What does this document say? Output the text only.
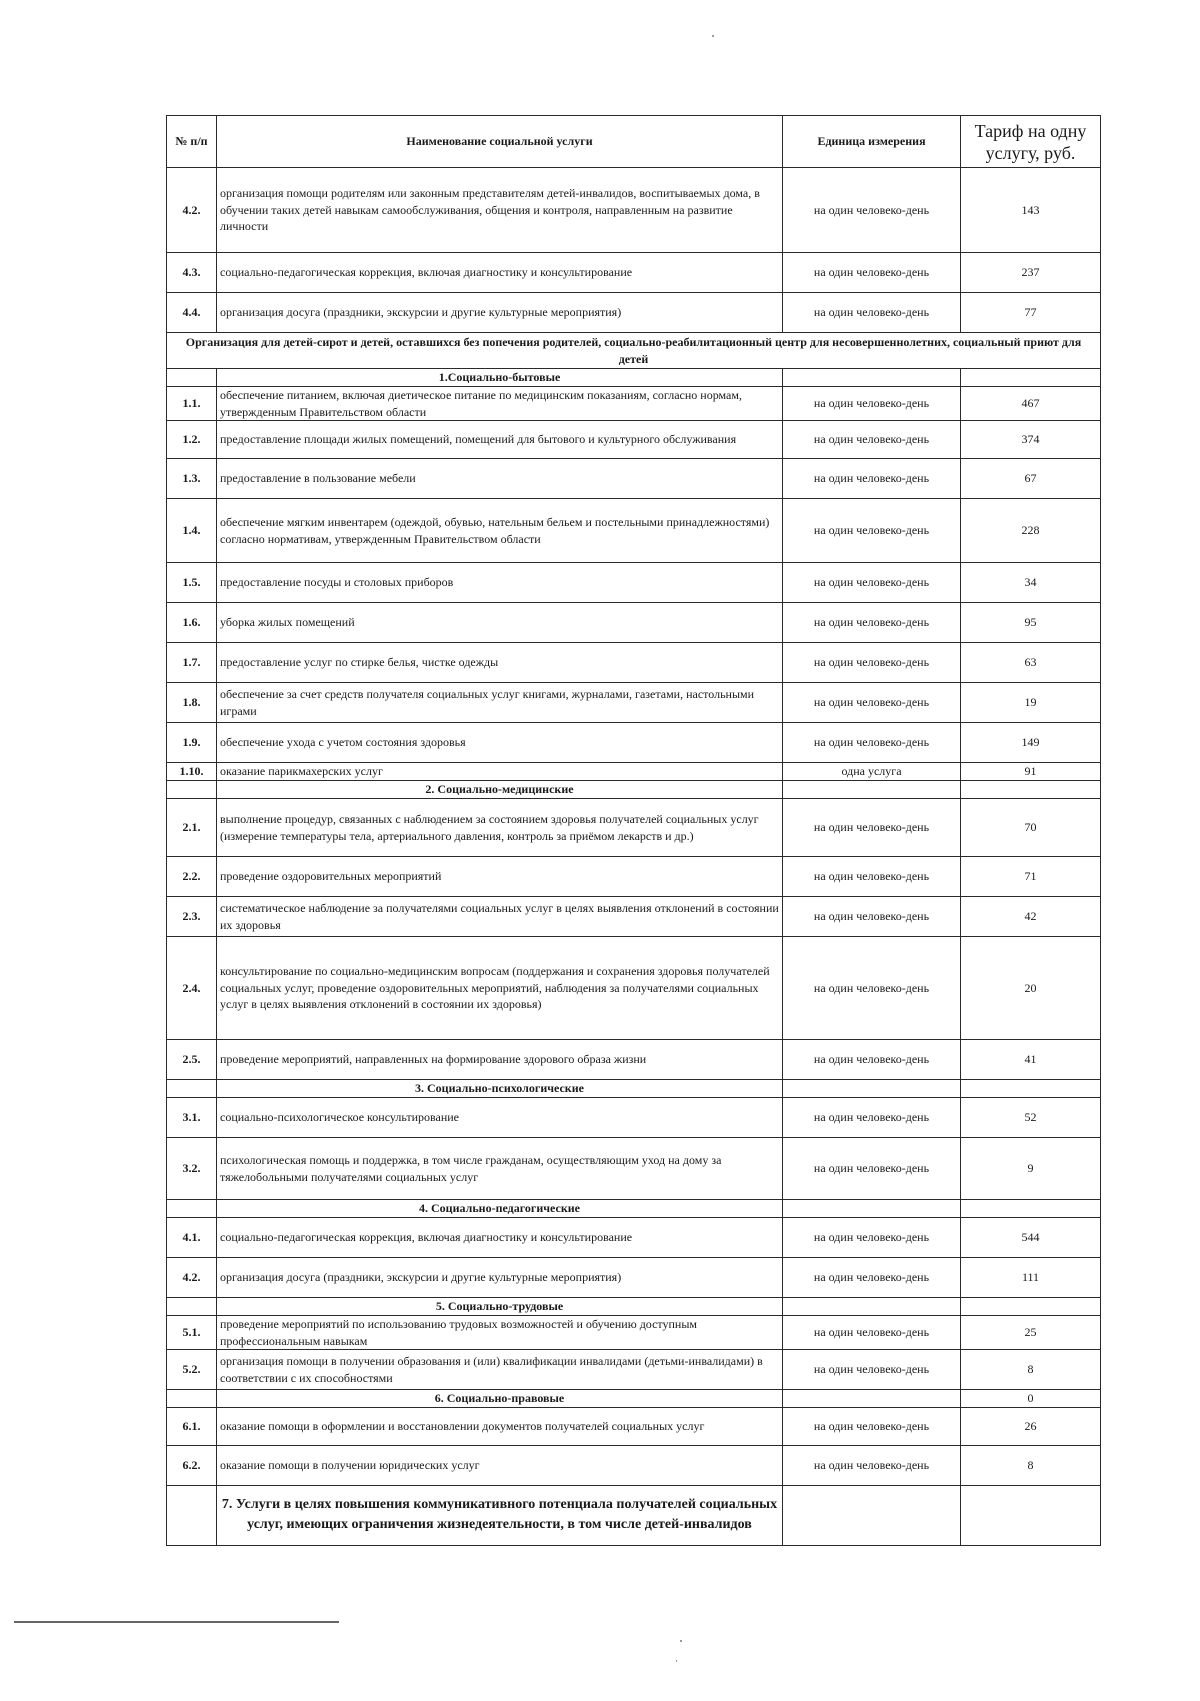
№ п/п	Наименование социальной услуги	Единица измерения	Тариф на одну услугу, руб.
4.2.	организация помощи родителям или законным представителям детей-инвалидов, воспитываемых дома, в обучении таких детей навыкам самообслуживания, общения и контроля, направленным на развитие личности	на один человеко-день	143
4.3.	социально-педагогическая коррекция, включая диагностику и консультирование	на один человеко-день	237
4.4.	организация досуга (праздники, экскурсии и другие культурные мероприятия)	на один человеко-день	77
Организация для детей-сирот и детей, оставшихся без попечения родителей, социально-реабилитационный центр для несовершеннолетних, социальный приют для детей			
	1.Социально-бытовые		
1.1.	обеспечение питанием, включая диетическое питание по медицинским показаниям, согласно нормам, утвержденным Правительством области	на один человеко-день	467
1.2.	предоставление площади жилых помещений, помещений для бытового и культурного обслуживания	на один человеко-день	374
1.3.	предоставление в пользование мебели	на один человеко-день	67
1.4.	обеспечение мягким инвентарем (одеждой, обувью, нательным бельем и постельными принадлежностями) согласно нормативам, утвержденным Правительством области	на один человеко-день	228
1.5.	предоставление посуды и столовых приборов	на один человеко-день	34
1.6.	уборка жилых помещений	на один человеко-день	95
1.7.	предоставление услуг по стирке белья, чистке одежды	на один человеко-день	63
1.8.	обеспечение за счет средств получателя социальных услуг книгами, журналами, газетами, настольными играми	на один человеко-день	19
1.9.	обеспечение ухода с учетом состояния здоровья	на один человеко-день	149
1.10.	оказание парикмахерских услуг	одна услуга	91
	2. Социально-медицинские		
2.1.	выполнение процедур, связанных с наблюдением за состоянием здоровья получателей социальных услуг (измерение температуры тела, артериального давления, контроль за приёмом лекарств и др.)	на один человеко-день	70
2.2.	проведение оздоровительных мероприятий	на один человеко-день	71
2.3.	систематическое наблюдение за получателями социальных услуг в целях выявления отклонений в состоянии их здоровья	на один человеко-день	42
2.4.	консультирование по социально-медицинским вопросам (поддержания и сохранения здоровья получателей социальных услуг, проведение оздоровительных мероприятий, наблюдения за получателями социальных услуг в целях выявления отклонений в состоянии их здоровья)	на один человеко-день	20
2.5.	проведение мероприятий, направленных на формирование здорового образа жизни	на один человеко-день	41
	3. Социально-психологические		
3.1.	социально-психологическое консультирование	на один человеко-день	52
3.2.	психологическая помощь и поддержка, в том числе гражданам, осуществляющим уход на дому за тяжелобольными получателями социальных услуг	на один человеко-день	9
	4. Социально-педагогические		
4.1.	социально-педагогическая коррекция, включая диагностику и консультирование	на один человеко-день	544
4.2.	организация досуга (праздники, экскурсии и другие культурные мероприятия)	на один человеко-день	111
	5. Социально-трудовые		
5.1.	проведение мероприятий по использованию трудовых возможностей и обучению доступным профессиональным навыкам	на один человеко-день	25
5.2.	организация помощи в получении образования и (или) квалификации инвалидами (детьми-инвалидами) в соответствии с их способностями	на один человеко-день	8
	6. Социально-правовые		0
6.1.	оказание помощи в оформлении и восстановлении документов получателей социальных услуг	на один человеко-день	26
6.2.	оказание помощи в получении юридических услуг	на один человеко-день	8
	7. Услуги в целях повышения коммуникативного потенциала получателей социальных услуг, имеющих ограничения жизнедеятельности, в том числе детей-инвалидов		
